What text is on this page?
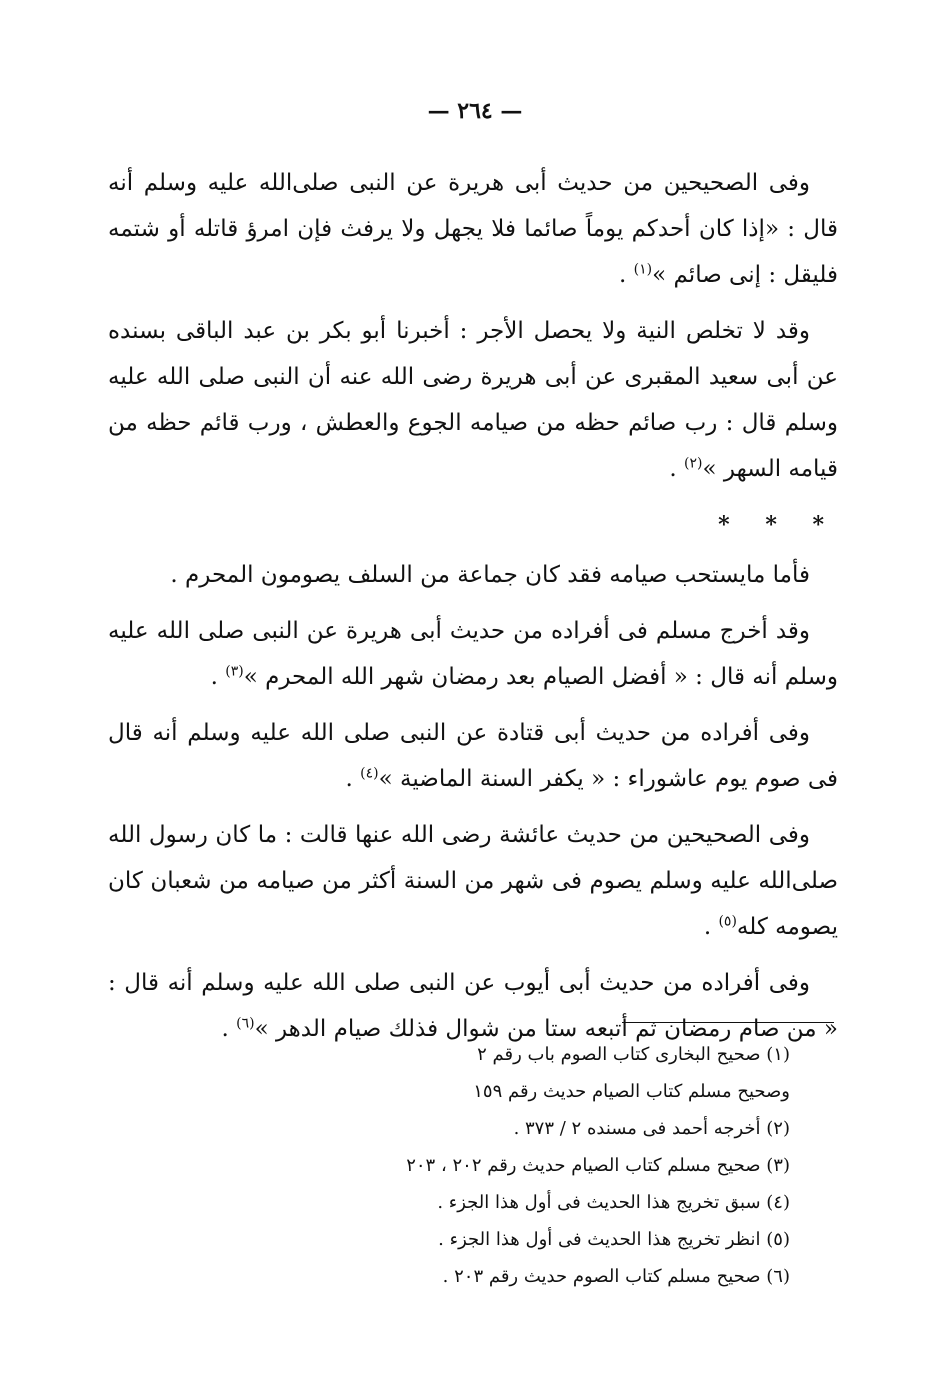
— ٢٦٤ —

وفى الصحيحين من حديث أبى هريرة عن النبى صلى‌الله عليه وسلم أنه قال : «إذا كان أحدكم يوماً صائما فلا يجهل ولا يرفث فإن امرؤ قاتله أو شتمه فليقل : إنى صائم »$^{(١)}$ .

وقد لا تخلص النية ولا يحصل الأجر : أخبرنا أبو بكر بن عبد الباقى بسنده عن أبى سعيد المقبرى عن أبى هريرة رضى الله عنه أن النبى صلى الله عليه وسلم قال : رب صائم حظه من صيامه الجوع والعطش ، ورب قائم حظه من قيامه السهر »$^{(٢)}$ .

* * *

فأما مايستحب صيامه فقد كان جماعة من السلف يصومون المحرم .

وقد أخرج مسلم فى أفراده من حديث أبى هريرة عن النبى صلى الله عليه وسلم أنه قال : « أفضل الصيام بعد رمضان شهر الله المحرم »$^{(٣)}$ .

وفى أفراده من حديث أبى قتادة عن النبى صلى الله عليه وسلم أنه قال فى صوم يوم عاشوراء : « يكفر السنة الماضية »$^{(٤)}$ .

وفى الصحيحين من حديث عائشة رضى الله عنها قالت : ما كان رسول الله صلى‌الله عليه وسلم يصوم فى شهر من السنة أكثر من صيامه من شعبان كان يصومه كله$^{(٥)}$ .

وفى أفراده من حديث أبى أيوب عن النبى صلى الله عليه وسلم أنه قال : « من صام رمضان ثم أتبعه ستا من شوال فذلك صيام الدهر »$^{(٦)}$ .

(١) صحيح البخارى كتاب الصوم باب رقم ٢
وصحيح مسلم كتاب الصيام حديث رقم ١٥٩
(٢) أخرجه أحمد فى مسنده ٢ / ٣٧٣ .
(٣) صحيح مسلم كتاب الصيام حديث رقم ٢٠٢ ، ٢٠٣
(٤) سبق تخريج هذا الحديث فى أول هذا الجزء .
(٥) انظر تخريج هذا الحديث فى أول هذا الجزء .
(٦) صحيح مسلم كتاب الصوم حديث رقم ٢٠٣ .
